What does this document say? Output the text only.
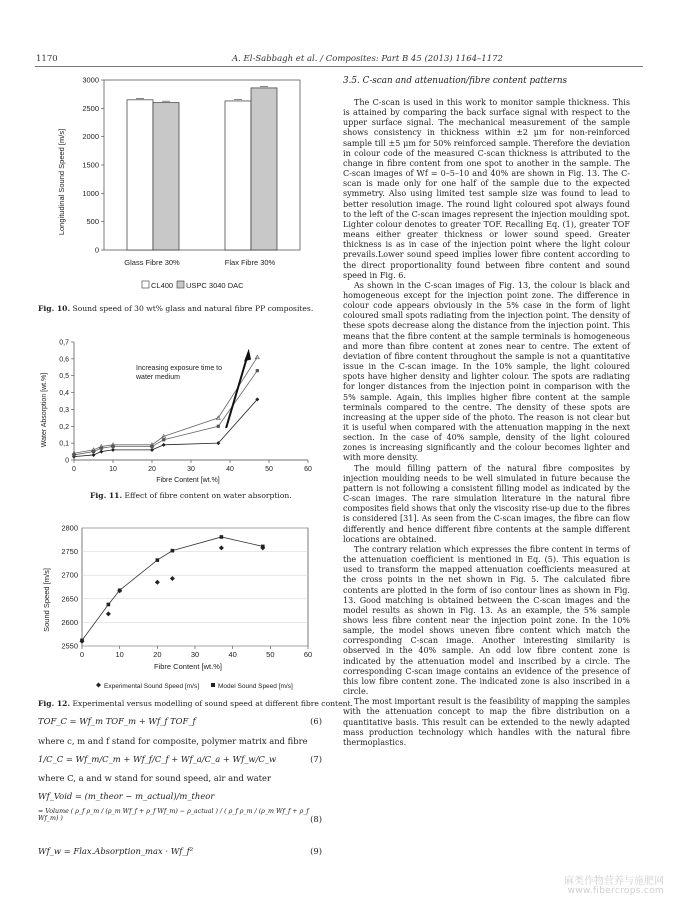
1170	A. El-Sabbagh et al. / Composites: Part B 45 (2013) 1164–1172
0
500
1000
1500
2000
2500
3000
Longitudinal Sound Speed [m/s]
Glass Fibre 30%	Flax Fibre 30%
CL400 USPC 3040 DAC
Fig. 10. Sound speed of 30 wt% glass and natural fibre PP composites.
0
0,1
0,2
0,3
0,4
0,5
0,6
0,7
0	10	20	30	40	50	60
Water Absorption [wt.%]
Fibre Content [wt.%]
Increasing exposure time to water medium
Fig. 11. Effect of fibre content on water absorption.
2550
2600
2650
2700
2750
2800
0	10	20	30	40	50	60
Sound Speed [m/s]
Fibre Content [wt.%]
Experimental Sound Speed [m/s]	Model Sound Speed [m/s]
Fig. 12. Experimental versus modelling of sound speed at different fibre content.
TOF_C = Wf_m TOF_m + Wf_f TOF_f	(6)
where c, m and f stand for composite, polymer matrix and fibre
1/C_C = Wf_m/C_m + Wf_f/C_f + Wf_a/C_a + Wf_w/C_w	(7)
where C, a and w stand for sound speed, air and water
Wf_Void = (m_theor − m_actual)/m_theor
= Volume ( ρ_f ρ_m / (ρ_m Wf_f + ρ_f Wf_m) − ρ_actual ) / ( ρ_f ρ_m / (ρ_m Wf_f + ρ_f Wf_m) )	(8)
Wf_w = Flax.Absorption_max · Wf_f²	(9)
3.5. C-scan and attenuation/fibre content patterns

The C-scan is used in this work to monitor sample thickness. This is attained by comparing the back surface signal with respect to the upper surface signal. The mechanical measurement of the sample shows consistency in thickness within ±2 μm for non-reinforced sample till ±5 μm for 50% reinforced sample. Therefore the deviation in colour code of the measured C-scan thickness is attributed to the change in fibre content from one spot to another in the sample. The C-scan images of Wf = 0–5–10 and 40% are shown in Fig. 13. The C-scan is made only for one half of the sample due to the expected symmetry. Also using limited test sample size was found to lead to better resolution image. The round light coloured spot always found to the left of the C-scan images represent the injection moulding spot. Lighter colour denotes to greater TOF. Recalling Eq. (1), greater TOF means either greater thickness or lower sound speed. Greater thickness is as in case of the injection point where the light colour prevails.Lower sound speed implies lower fibre content according to the direct proportionality found between fibre content and sound speed in Fig. 6.

As shown in the C-scan images of Fig. 13, the colour is black and homogeneous except for the injection point zone. The difference in colour code appears obviously in the 5% case in the form of light coloured small spots radiating from the injection point. The density of these spots decrease along the distance from the injection point. This means that the fibre content at the sample terminals is homogeneous and more than fibre content at zones near to centre. The extent of deviation of fibre content throughout the sample is not a quantitative issue in the C-scan image. In the 10% sample, the light coloured spots have higher density and lighter colour. The spots are radiating for longer distances from the injection point in comparison with the 5% sample. Again, this implies higher fibre content at the sample terminals compared to the centre. The density of these spots are increasing at the upper side of the photo. The reason is not clear but it is useful when compared with the attenuation mapping in the next section. In the case of 40% sample, density of the light coloured zones is increasing significantly and the colour becomes lighter and with more density.

The mould filling pattern of the natural fibre composites by injection moulding needs to be well simulated in future because the pattern is not following a consistent filling model as indicated by the C-scan images. The rare simulation literature in the natural fibre composites field shows that only the viscosity rise-up due to the fibres is considered [31]. As seen from the C-scan images, the fibre can flow differently and hence different fibre contents at the sample different locations are obtained.

The contrary relation which expresses the fibre content in terms of the attenuation coefficient is mentioned in Eq. (5). This equation is used to transform the mapped attenuation coefficients measured at the cross points in the net shown in Fig. 5. The calculated fibre contents are plotted in the form of iso contour lines as shown in Fig. 13. Good matching is obtained between the C-scan images and the model results as shown in Fig. 13. As an example, the 5% sample shows less fibre content near the injection point zone. In the 10% sample, the model shows uneven fibre content which match the corresponding C-scan image. Another interesting similarity is observed in the 40% sample. An odd low fibre content zone is indicated by the attenuation model and inscribed by a circle. The corresponding C-scan image contains an evidence of the presence of this low fibre content zone. The indicated zone is also inscribed in a circle.

The most important result is the feasibility of mapping the samples with the attenuation concept to map the fibre distribution on a quantitative basis. This result can be extended to the newly adapted mass production technology which handles with the natural fibre thermoplastics.

麻类作物营养与施肥网
www.fibercrops.com
